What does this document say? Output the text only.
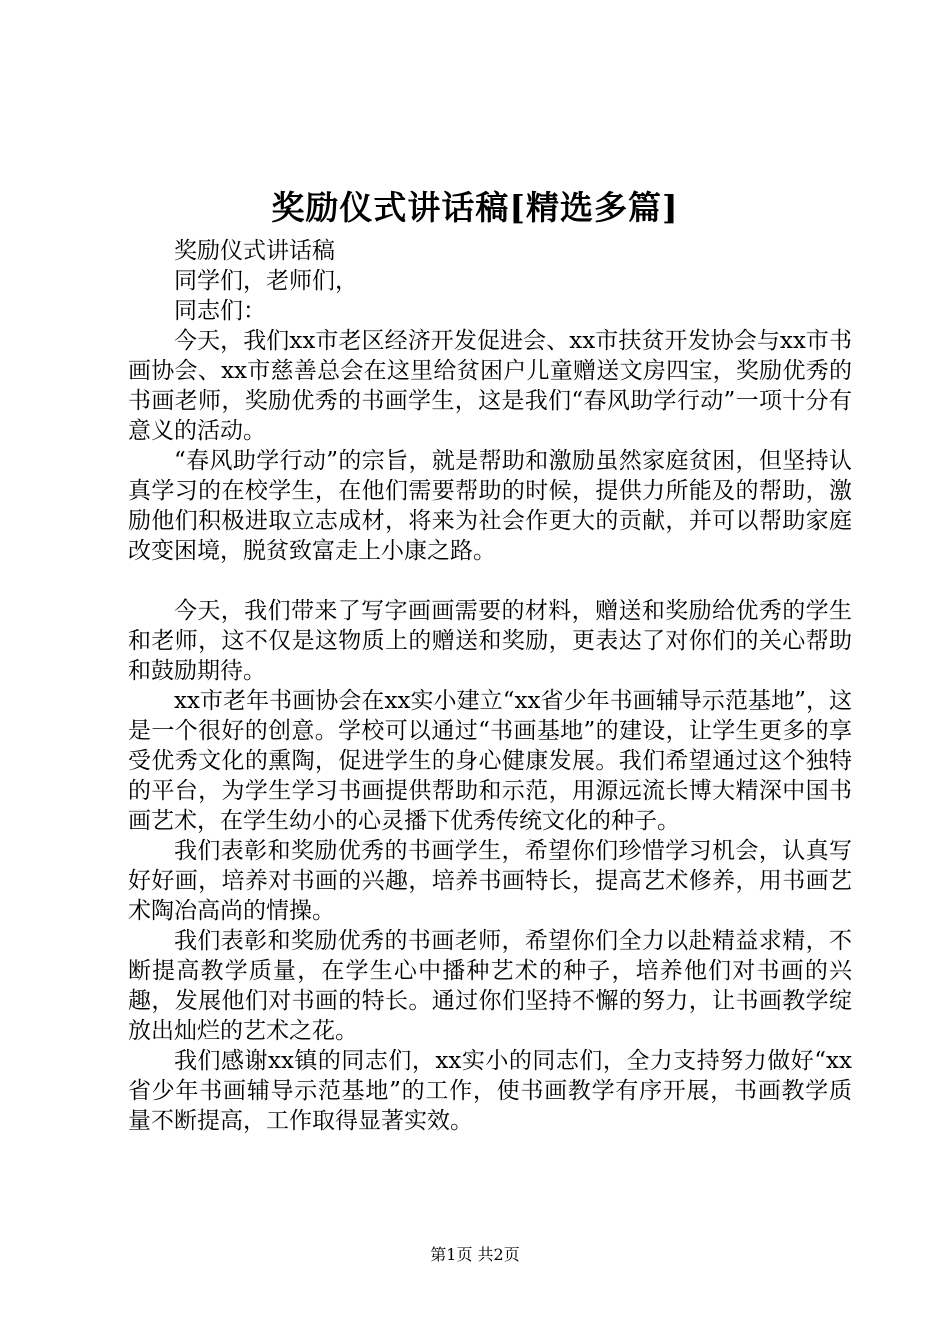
奖励仪式讲话稿[精选多篇]

奖励仪式讲话稿

同学们，老师们，

同志们：

今天，我们xx市老区经济开发促进会、xx市扶贫开发协会与xx市书画协会、xx市慈善总会在这里给贫困户儿童赠送文房四宝，奖励优秀的书画老师，奖励优秀的书画学生，这是我们“春风助学行动”一项十分有意义的活动。

“春风助学行动”的宗旨，就是帮助和激励虽然家庭贫困，但坚持认真学习的在校学生，在他们需要帮助的时候，提供力所能及的帮助，激励他们积极进取立志成材，将来为社会作更大的贡献，并可以帮助家庭改变困境，脱贫致富走上小康之路。

今天，我们带来了写字画画需要的材料，赠送和奖励给优秀的学生和老师，这不仅是这物质上的赠送和奖励，更表达了对你们的关心帮助和鼓励期待。

xx市老年书画协会在xx实小建立“xx省少年书画辅导示范基地”，这是一个很好的创意。学校可以通过“书画基地”的建设，让学生更多的享受优秀文化的熏陶，促进学生的身心健康发展。我们希望通过这个独特的平台，为学生学习书画提供帮助和示范，用源远流长博大精深中国书画艺术，在学生幼小的心灵播下优秀传统文化的种子。

我们表彰和奖励优秀的书画学生，希望你们珍惜学习机会，认真写好好画，培养对书画的兴趣，培养书画特长，提高艺术修养，用书画艺术陶冶高尚的情操。

我们表彰和奖励优秀的书画老师，希望你们全力以赴精益求精，不断提高教学质量，在学生心中播种艺术的种子，培养他们对书画的兴趣，发展他们对书画的特长。通过你们坚持不懈的努力，让书画教学绽放出灿烂的艺术之花。

我们感谢xx镇的同志们，xx实小的同志们，全力支持努力做好“xx省少年书画辅导示范基地”的工作，使书画教学有序开展，书画教学质量不断提高，工作取得显著实效。

第1页 共2页
